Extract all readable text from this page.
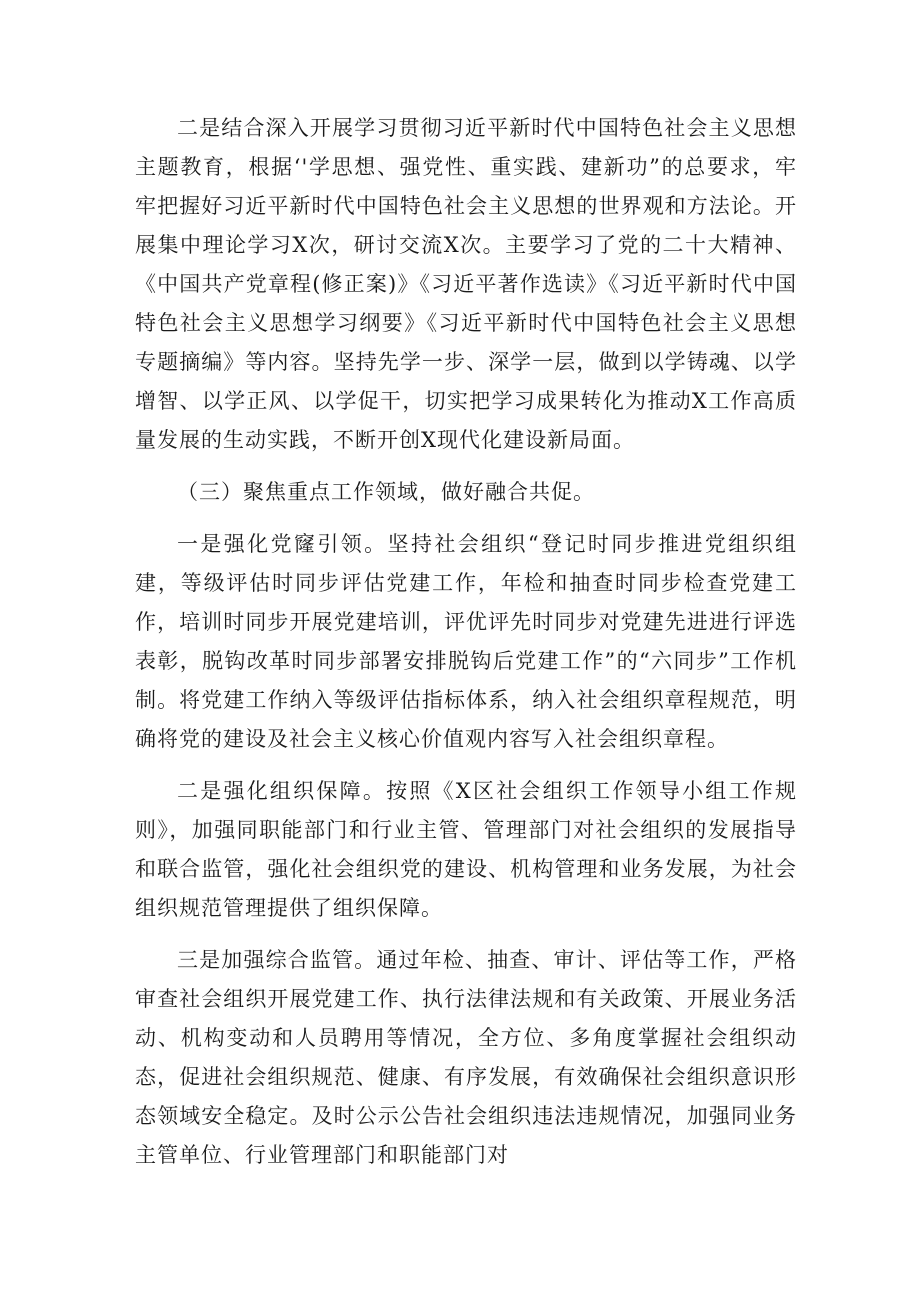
二是结合深入开展学习贯彻习近平新时代中国特色社会主义思想主题教育，根据‘'学思想、强党性、重实践、建新功”的总要求，牢牢把握好习近平新时代中国特色社会主义思想的世界观和方法论。开展集中理论学习X次，研讨交流X次。主要学习了党的二十大精神、《中国共产党章程(修正案)》《习近平著作选读》《习近平新时代中国特色社会主义思想学习纲要》《习近平新时代中国特色社会主义思想专题摘编》等内容。坚持先学一步、深学一层，做到以学铸魂、以学增智、以学正风、以学促干，切实把学习成果转化为推动X工作高质量发展的生动实践，不断开创X现代化建设新局面。

（三）聚焦重点工作领域，做好融合共促。

一是强化党窿引领。坚持社会组织“登记时同步推进党组织组建，等级评估时同步评估党建工作，年检和抽查时同步检查党建工作，培训时同步开展党建培训，评优评先时同步对党建先进进行评选表彰，脱钩改革时同步部署安排脱钩后党建工作”的“六同步”工作机制。将党建工作纳入等级评估指标体系，纳入社会组织章程规范，明确将党的建设及社会主义核心价值观内容写入社会组织章程。

二是强化组织保障。按照《X区社会组织工作领导小组工作规则》，加强同职能部门和行业主管、管理部门对社会组织的发展指导和联合监管，强化社会组织党的建设、机构管理和业务发展，为社会组织规范管理提供了组织保障。

三是加强综合监管。通过年检、抽查、审计、评估等工作，严格审查社会组织开展党建工作、执行法律法规和有关政策、开展业务活动、机构变动和人员聘用等情况，全方位、多角度掌握社会组织动态，促进社会组织规范、健康、有序发展，有效确保社会组织意识形态领域安全稳定。及时公示公告社会组织违法违规情况，加强同业务主管单位、行业管理部门和职能部门对
